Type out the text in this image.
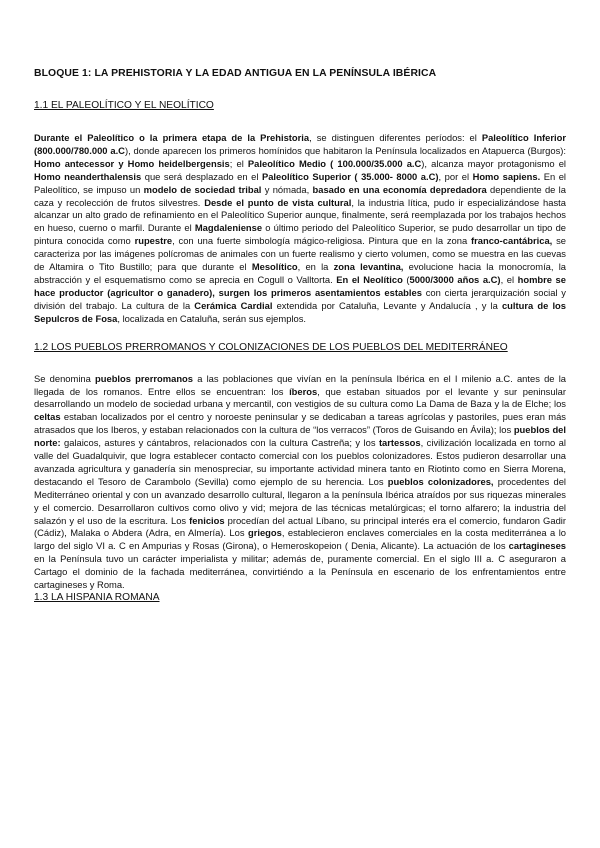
BLOQUE 1: LA PREHISTORIA Y LA EDAD ANTIGUA EN LA PENÍNSULA IBÉRICA
1.1 EL PALEOLÍTICO Y EL NEOLÍTICO

Durante el Paleolítico o la primera etapa de la Prehistoria, se distinguen diferentes períodos: el Paleolítico Inferior (800.000/780.000 a.C), donde aparecen los primeros homínidos que habitaron la Península localizados en Atapuerca (Burgos): Homo antecessor y Homo heidelbergensis; el Paleolítico Medio ( 100.000/35.000 a.C), alcanza mayor protagonismo el Homo neanderthalensis que será desplazado en el Paleolítico Superior ( 35.000- 8000 a.C), por el Homo sapiens. En el Paleolítico, se impuso un modelo de sociedad tribal y nómada, basado en una economía depredadora dependiente de la caza y recolección de frutos silvestres. Desde el punto de vista cultural, la industria lítica, pudo ir especializándose hasta alcanzar un alto grado de refinamiento en el Paleolítico Superior aunque, finalmente, será reemplazada por los trabajos hechos en hueso, cuerno o marfil. Durante el Magdaleniense o último periodo del Paleolítico Superior, se pudo desarrollar un tipo de pintura conocida como rupestre, con una fuerte simbología mágico-religiosa. Pintura que en la zona franco-cantábrica, se caracteriza por las imágenes polícromas de animales con un fuerte realismo y cierto volumen, como se muestra en las cuevas de Altamira o Tito Bustillo; para que durante el Mesolítico, en la zona levantina, evolucione hacia la monocromía, la abstracción y el esquematismo como se aprecia en Cogull o Valltorta. En el Neolítico (5000/3000 años a.C), el hombre se hace productor (agricultor o ganadero), surgen los primeros asentamientos estables con cierta jerarquización social y división del trabajo. La cultura de la Cerámica Cardial extendida por Cataluña, Levante y Andalucía , y la cultura de los Sepulcros de Fosa, localizada en Cataluña, serán sus ejemplos.

1.2 LOS PUEBLOS PRERROMANOS Y COLONIZACIONES DE LOS PUEBLOS DEL MEDITERRÁNEO

Se denomina pueblos prerromanos a las poblaciones que vivían en la península Ibérica en el I milenio a.C. antes de la llegada de los romanos. Entre ellos se encuentran: los íberos, que estaban situados por el levante y sur peninsular desarrollando un modelo de sociedad urbana y mercantil, con vestigios de su cultura como La Dama de Baza y la de Elche; los celtas estaban localizados por el centro y noroeste peninsular y se dedicaban a tareas agrícolas y pastoriles, pues eran más atrasados que los Iberos, y estaban relacionados con la cultura de “los verracos” (Toros de Guisando en Ávila); los pueblos del norte: galaicos, astures y cántabros, relacionados con la cultura Castreña; y los tartessos, civilización localizada en torno al valle del Guadalquivir, que logra establecer contacto comercial con los pueblos colonizadores. Estos pudieron desarrollar una avanzada agricultura y ganadería sin menospreciar, su importante actividad minera tanto en Riotinto como en Sierra Morena, destacando el Tesoro de Carambolo (Sevilla) como ejemplo de su herencia. Los pueblos colonizadores, procedentes del Mediterráneo oriental y con un avanzado desarrollo cultural, llegaron a la península Ibérica atraídos por sus riquezas minerales y el comercio. Desarrollaron cultivos como olivo y vid; mejora de las técnicas metalúrgicas; el torno alfarero; la industria del salazón y el uso de la escritura. Los fenicios procedían del actual Líbano, su principal interés era el comercio, fundaron Gadir (Cádiz), Malaka o Abdera (Adra, en Almería). Los griegos, establecieron enclaves comerciales en la costa mediterránea a lo largo del siglo VI a. C en Ampurias y Rosas (Girona), o Hemeroskopeion ( Denia, Alicante). La actuación de los cartagineses en la Península tuvo un carácter imperialista y militar; además de, puramente comercial. En el siglo III a. C aseguraron a Cartago el dominio de la fachada mediterránea, convirtiéndo a la Península en escenario de los enfrentamientos entre cartagineses y Roma.

1.3 LA HISPANIA ROMANA
